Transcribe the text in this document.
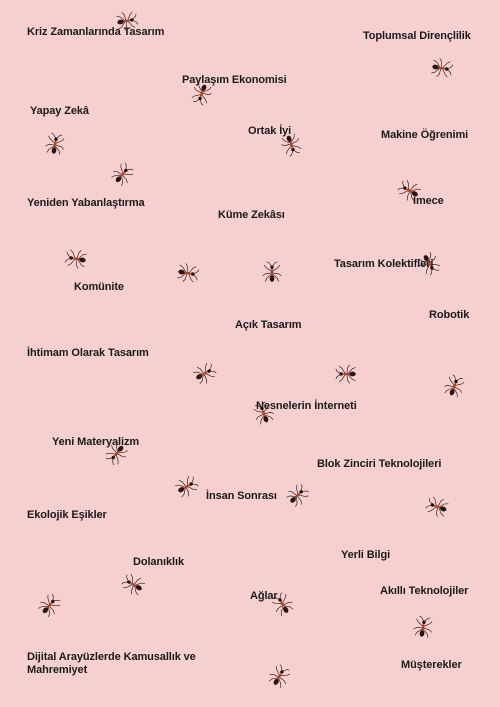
Kriz Zamanlarında Tasarım	Toplumsal Dirençlilik
Paylaşım Ekonomisi
Yapay Zekâ
Ortak İyi	Makine Öğrenimi
İmece
Yeniden Yabanlaştırma
Küme Zekâsı
Tasarım Kolektifleri
Komünite
Robotik
Açık Tasarım
İhtimam Olarak Tasarım
Nesnelerin İnterneti
Yeni Materyalizm
Blok Zinciri Teknolojileri
İnsan Sonrası
Ekolojik Eşikler
Yerli Bilgi
Dolanıklık
Akıllı Teknolojiler
Ağlar
Dijital Arayüzlerde Kamusallık ve Mahremiyet	Müşterekler
